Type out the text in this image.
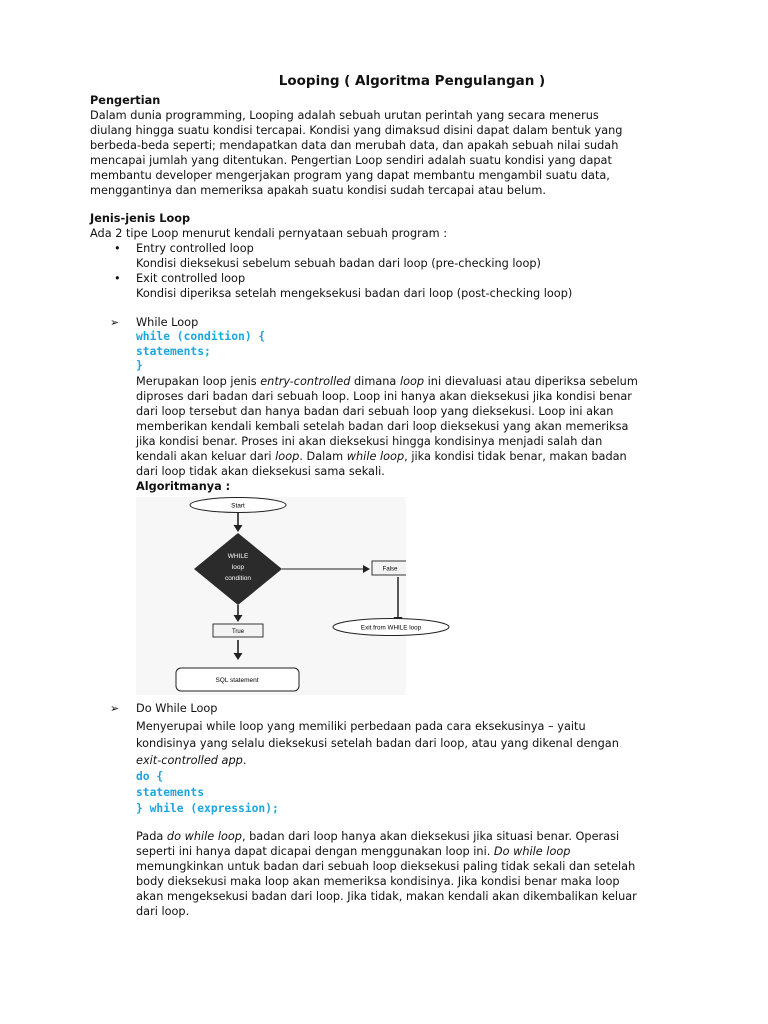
Looping ( Algoritma Pengulangan )

Pengertian

Dalam dunia programming, Looping adalah sebuah urutan perintah yang secara menerus

diulang hingga suatu kondisi tercapai. Kondisi yang dimaksud disini dapat dalam bentuk yang

berbeda-beda seperti; mendapatkan data dan merubah data, dan apakah sebuah nilai sudah

mencapai jumlah yang ditentukan. Pengertian Loop sendiri adalah suatu kondisi yang dapat

membantu developer mengerjakan program yang dapat membantu mengambil suatu data,

menggantinya dan memeriksa apakah suatu kondisi sudah tercapai atau belum.

Jenis-jenis Loop

Ada 2 tipe Loop menurut kendali pernyataan sebuah program :

• Entry controlled loop
Kondisi dieksekusi sebelum sebuah badan dari loop (pre-checking loop)
• Exit controlled loop
Kondisi diperiksa setelah mengeksekusi badan dari loop (post-checking loop)
➢ While Loop

while (condition) {
statements;
}

Merupakan loop jenis entry-controlled dimana loop ini dievaluasi atau diperiksa sebelum

diproses dari badan dari sebuah loop. Loop ini hanya akan dieksekusi jika kondisi benar

dari loop tersebut dan hanya badan dari sebuah loop yang dieksekusi. Loop ini akan

memberikan kendali kembali setelah badan dari loop dieksekusi yang akan memeriksa

jika kondisi benar. Proses ini akan dieksekusi hingga kondisinya menjadi salah dan

kendali akan keluar dari loop. Dalam while loop, jika kondisi tidak benar, makan badan

dari loop tidak akan dieksekusi sama sekali.

Algoritmanya :

Start
WHILE
loop
condition
False
True
SQL statement
Exit from WHILE loop
➢ Do While Loop

Menyerupai while loop yang memiliki perbedaan pada cara eksekusinya – yaitu

kondisinya yang selalu dieksekusi setelah badan dari loop, atau yang dikenal dengan

exit-controlled app.

do {
statements
} while (expression);

Pada do while loop, badan dari loop hanya akan dieksekusi jika situasi benar. Operasi

seperti ini hanya dapat dicapai dengan menggunakan loop ini. Do while loop

memungkinkan untuk badan dari sebuah loop dieksekusi paling tidak sekali dan setelah

body dieksekusi maka loop akan memeriksa kondisinya. Jika kondisi benar maka loop

akan mengeksekusi badan dari loop. Jika tidak, makan kendali akan dikembalikan keluar

dari loop.
